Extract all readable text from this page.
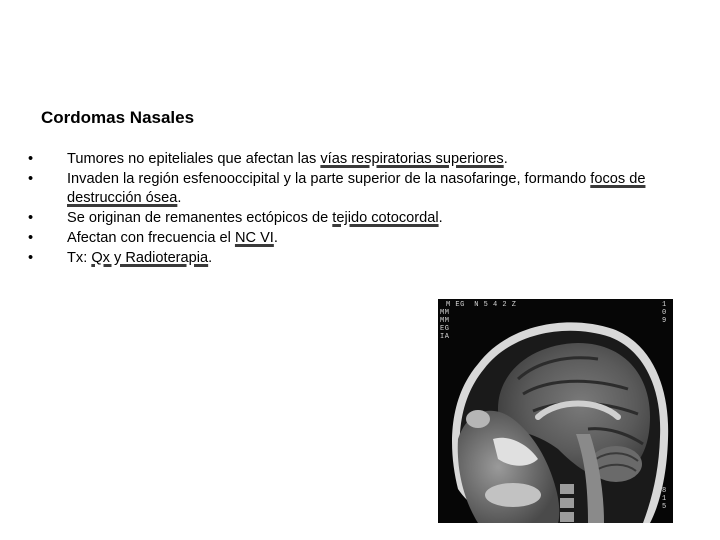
Cordomas Nasales
• Tumores no epiteliales que afectan las vías respiratorias superiores.
• Invaden la región esfenooccipital y la parte superior de la nasofaringe, formando focos de destrucción ósea.
• Se originan de remanentes ectópicos de tejido cotocordal.
• Afectan con frecuencia el NC VI.
• Tx: Qx y Radioterapia.
M EG  N 5 4 2 Z
MM
MM
EG
IA
1
0
9
8
1
5
